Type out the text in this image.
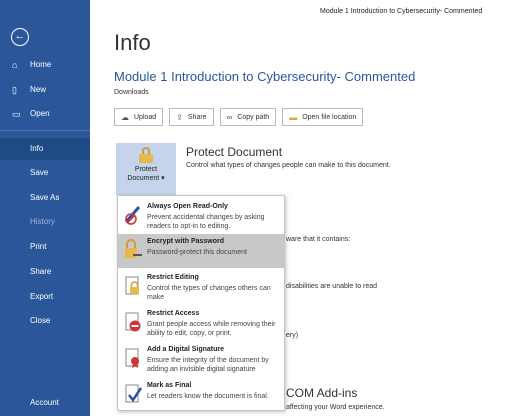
←
⌂ Home
▯ New
▭ Open
Info
Save
Save As
History
Print
Share
Export
Close
Account
Module 1 Introduction to Cybersecurity- Commented
Info
Module 1 Introduction to Cybersecurity- Commented
Downloads
☁ Upload	⇪ Share	∞ Copy path	▬ Open file location
Protect
Document ▾
Protect Document
Control what types of changes people can make to this document.
ware that it contains:
disabilities are unable to read
ery)
COM Add-ins
affecting your Word experience.
Always Open Read-Only
Prevent accidental changes by asking readers to opt-in to editing.
Encrypt with Password
Password-protect this document
Restrict Editing
Control the types of changes others can make
Restrict Access
Grant people access while removing their ability to edit, copy, or print.
Add a Digital Signature
Ensure the integrity of the document by adding an invisible digital signature
Mark as Final
Let readers know the document is final.
